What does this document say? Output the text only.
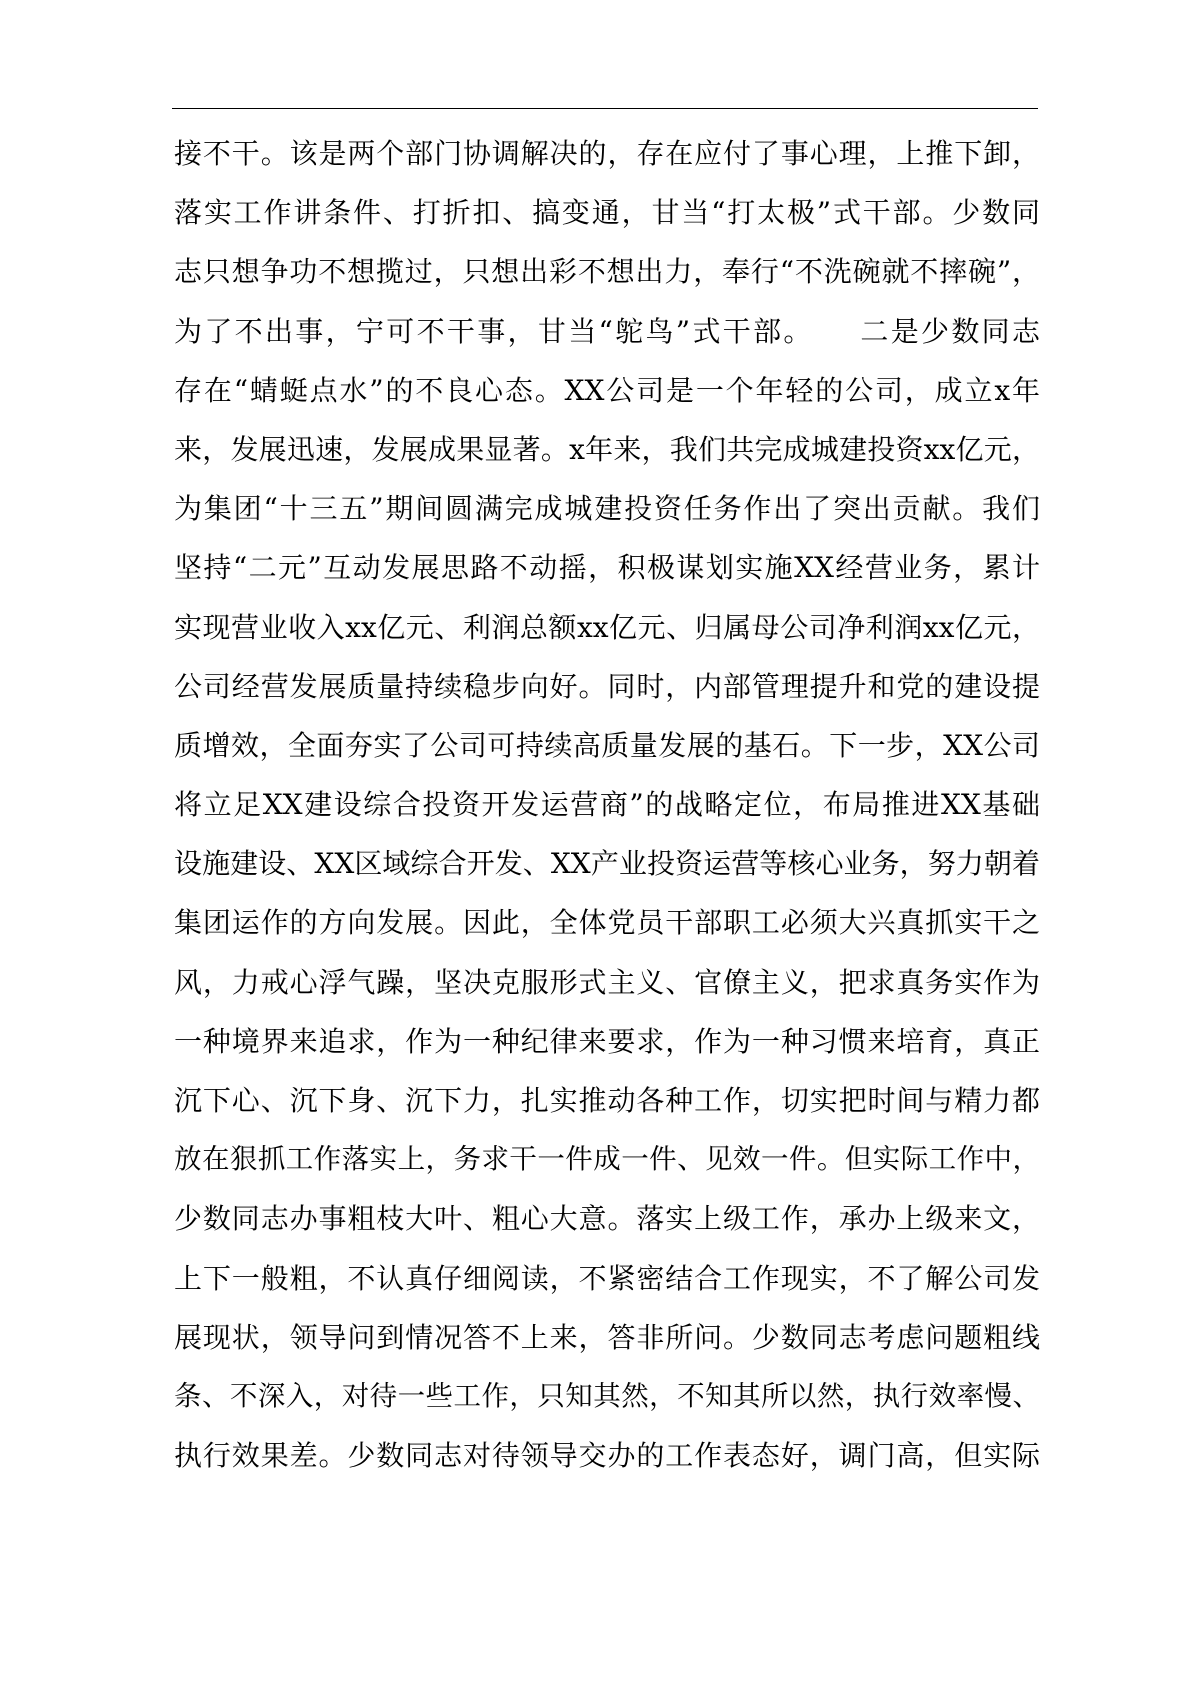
接不干。该是两个部门协调解决的，存在应付了事心理，上推下卸，
落实工作讲条件、打折扣、搞变通，甘当“打太极”式干部。少数同
志只想争功不想揽过，只想出彩不想出力，奉行“不洗碗就不摔碗”，
为了不出事，宁可不干事，甘当“鸵鸟”式干部。　　二是少数同志
存在“蜻蜓点水”的不良心态。XX公司是一个年轻的公司，成立x年
来，发展迅速，发展成果显著。x年来，我们共完成城建投资xx亿元，
为集团“十三五”期间圆满完成城建投资任务作出了突出贡献。我们
坚持“二元”互动发展思路不动摇，积极谋划实施XX经营业务，累计
实现营业收入xx亿元、利润总额xx亿元、归属母公司净利润xx亿元，
公司经营发展质量持续稳步向好。同时，内部管理提升和党的建设提
质增效，全面夯实了公司可持续高质量发展的基石。下一步，XX公司
将立足XX建设综合投资开发运营商”的战略定位，布局推进XX基础
设施建设、XX区域综合开发、XX产业投资运营等核心业务，努力朝着
集团运作的方向发展。因此，全体党员干部职工必须大兴真抓实干之
风，力戒心浮气躁，坚决克服形式主义、官僚主义，把求真务实作为
一种境界来追求，作为一种纪律来要求，作为一种习惯来培育，真正
沉下心、沉下身、沉下力，扎实推动各种工作，切实把时间与精力都
放在狠抓工作落实上，务求干一件成一件、见效一件。但实际工作中，
少数同志办事粗枝大叶、粗心大意。落实上级工作，承办上级来文，
上下一般粗，不认真仔细阅读，不紧密结合工作现实，不了解公司发
展现状，领导问到情况答不上来，答非所问。少数同志考虑问题粗线
条、不深入，对待一些工作，只知其然，不知其所以然，执行效率慢、
执行效果差。少数同志对待领导交办的工作表态好，调门高，但实际
